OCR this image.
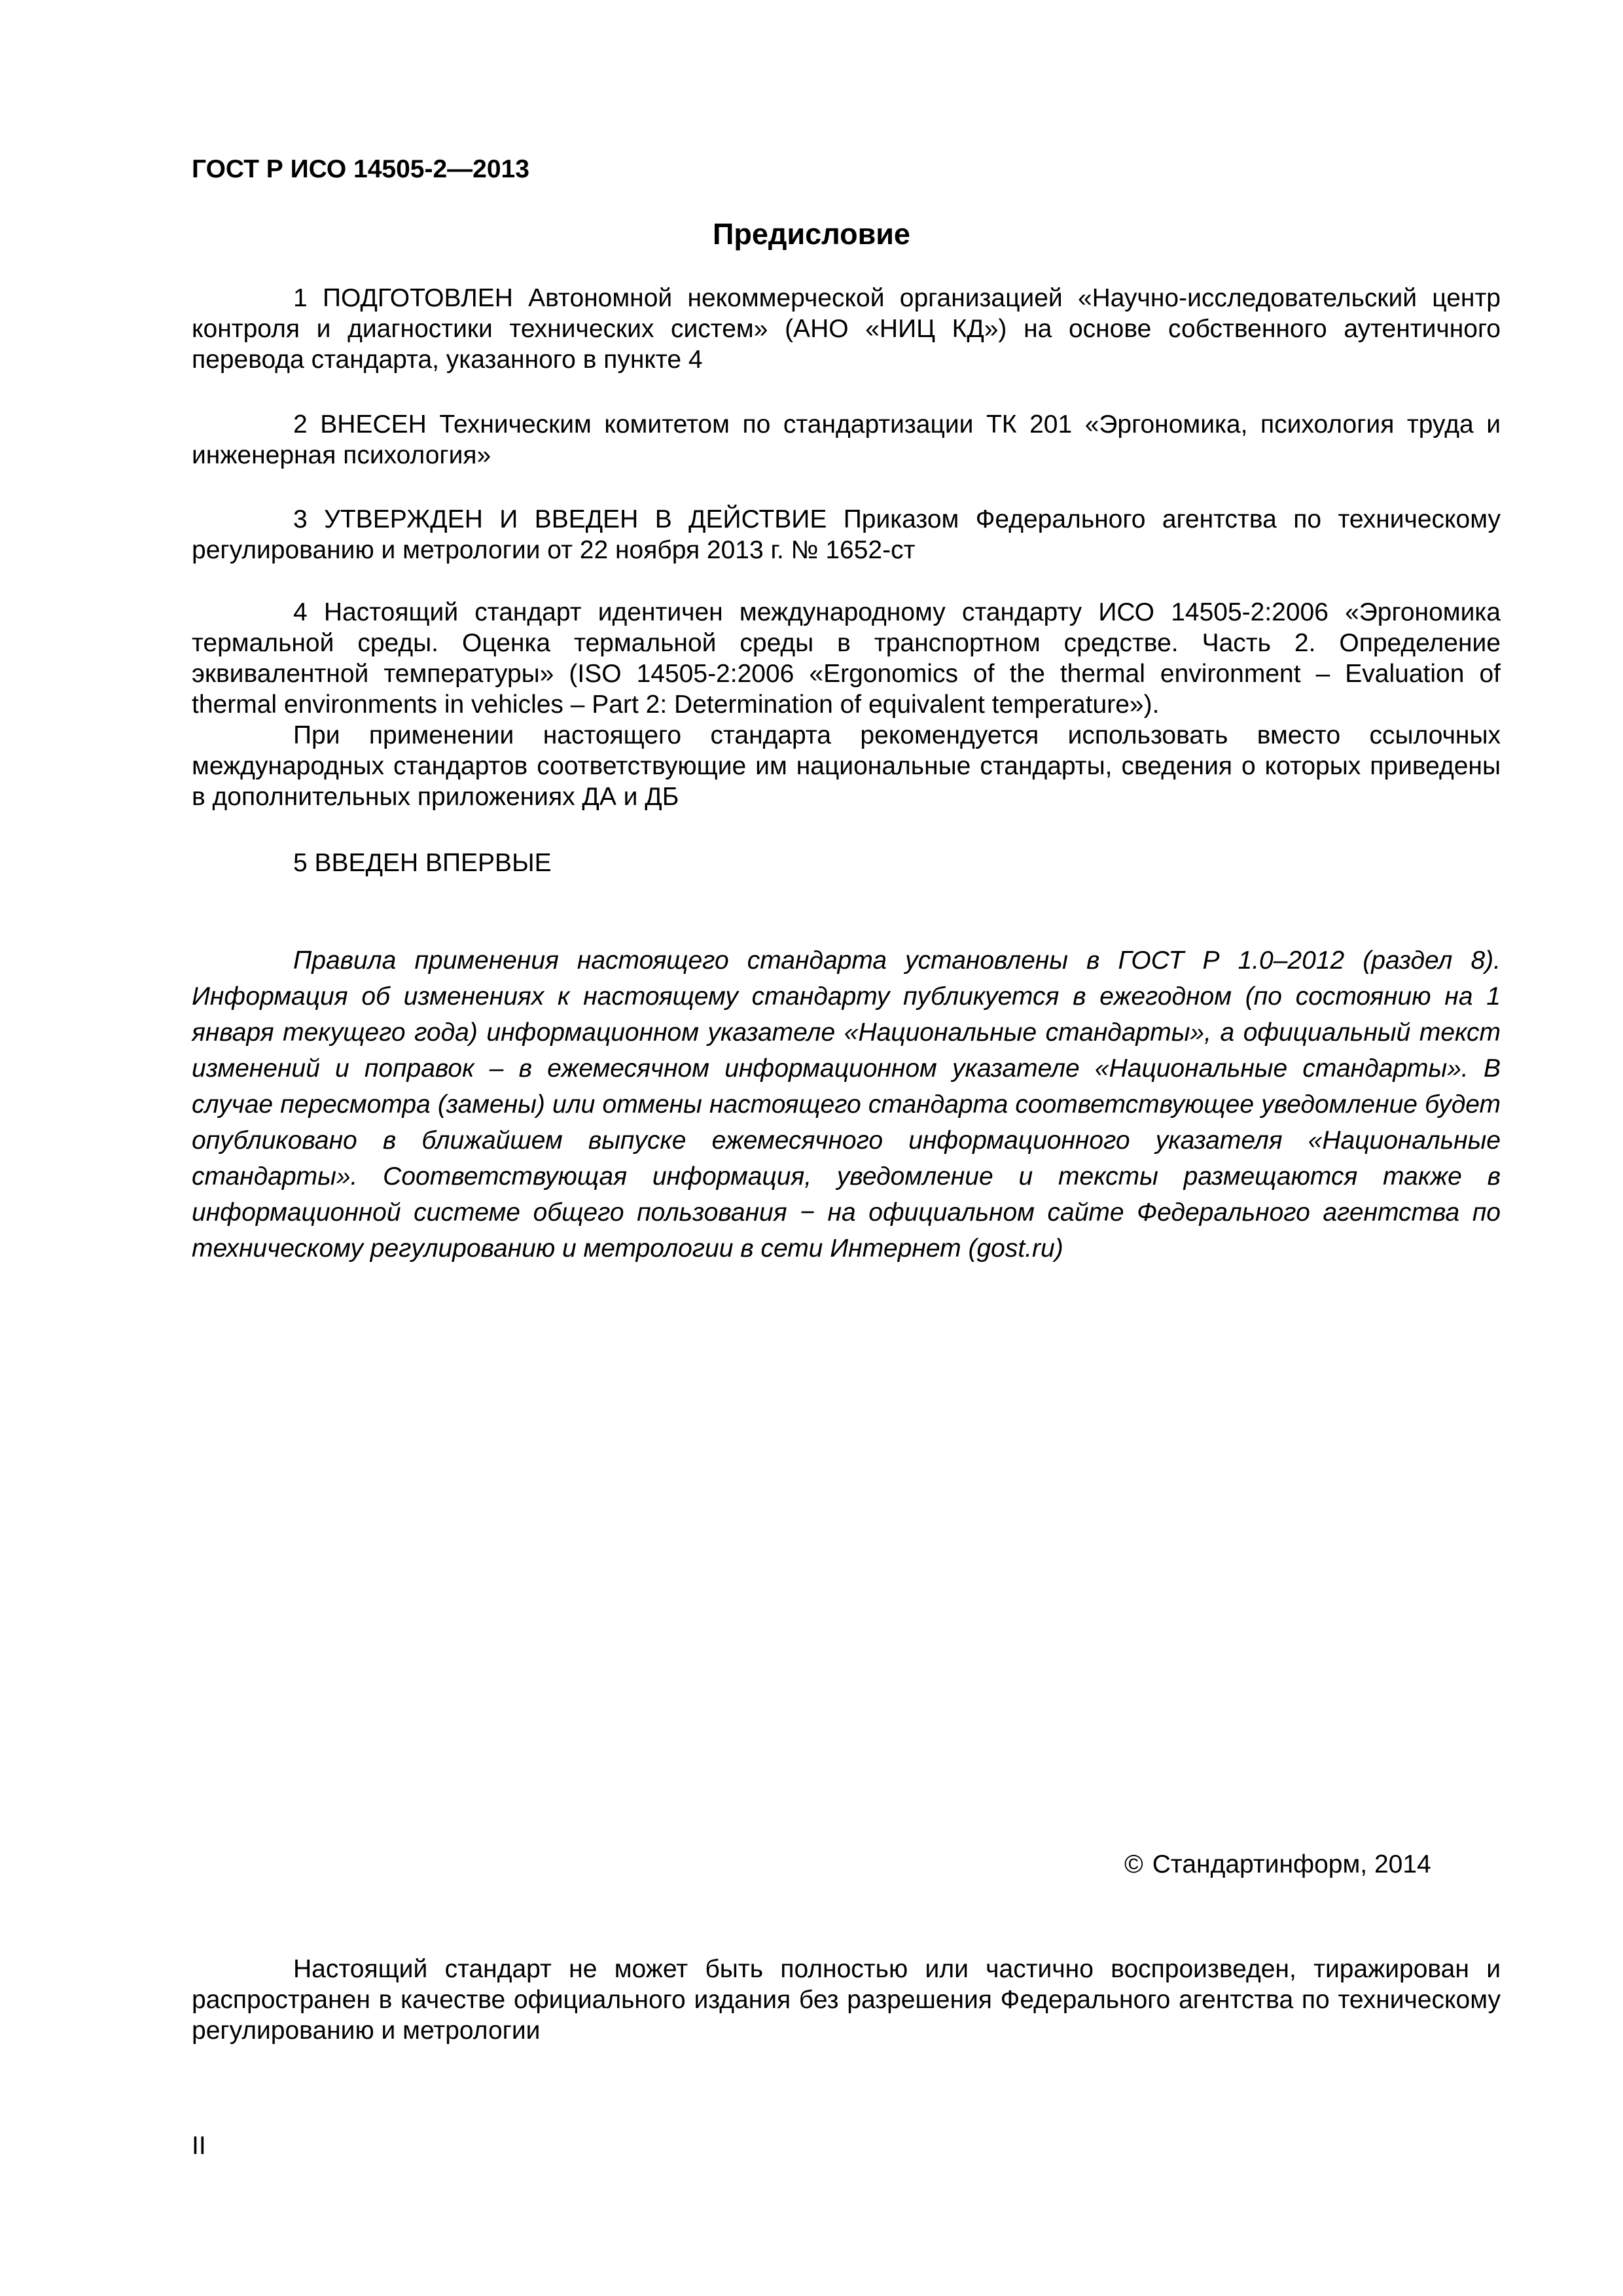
ГОСТ Р ИСО 14505-2—2013
Предисловие

1 ПОДГОТОВЛЕН Автономной некоммерческой организацией «Научно-исследовательский центр контроля и диагностики технических систем» (АНО «НИЦ КД») на основе собственного аутентичного перевода стандарта, указанного в пункте 4

2 ВНЕСЕН Техническим комитетом по стандартизации ТК 201 «Эргономика, психология труда и инженерная психология»

3 УТВЕРЖДЕН И ВВЕДЕН В ДЕЙСТВИЕ Приказом Федерального агентства по техническому регулированию и метрологии от 22 ноября 2013 г. № 1652-ст

4 Настоящий стандарт идентичен международному стандарту ИСО 14505-2:2006 «Эргономика термальной среды. Оценка термальной среды в транспортном средстве. Часть 2. Определение эквивалентной температуры» (ISO 14505-2:2006 «Ergonomics of the thermal environment – Evaluation of thermal environments in vehicles – Part 2: Determination of equivalent temperature»).

При применении настоящего стандарта рекомендуется использовать вместо ссылочных международных стандартов соответствующие им национальные стандарты, сведения о которых приведены в дополнительных приложениях ДА и ДБ

5 ВВЕДЕН ВПЕРВЫЕ

Правила применения настоящего стандарта установлены в ГОСТ Р 1.0–2012 (раздел 8). Информация об изменениях к настоящему стандарту публикуется в ежегодном (по состоянию на 1 января текущего года) информационном указателе «Национальные стандарты», а официальный текст изменений и поправок – в ежемесячном информационном указателе «Национальные стандарты». В случае пересмотра (замены) или отмены настоящего стандарта соответствующее уведомление будет опубликовано в ближайшем выпуске ежемесячного информационного указателя «Национальные стандарты». Соответствующая информация, уведомление и тексты размещаются также в информационной системе общего пользования − на официальном сайте Федерального агентства по техническому регулированию и метрологии в сети Интернет (gost.ru)

© Стандартинформ, 2014

Настоящий стандарт не может быть полностью или частично воспроизведен, тиражирован и распространен в качестве официального издания без разрешения Федерального агентства по техническому регулированию и метрологии

II
